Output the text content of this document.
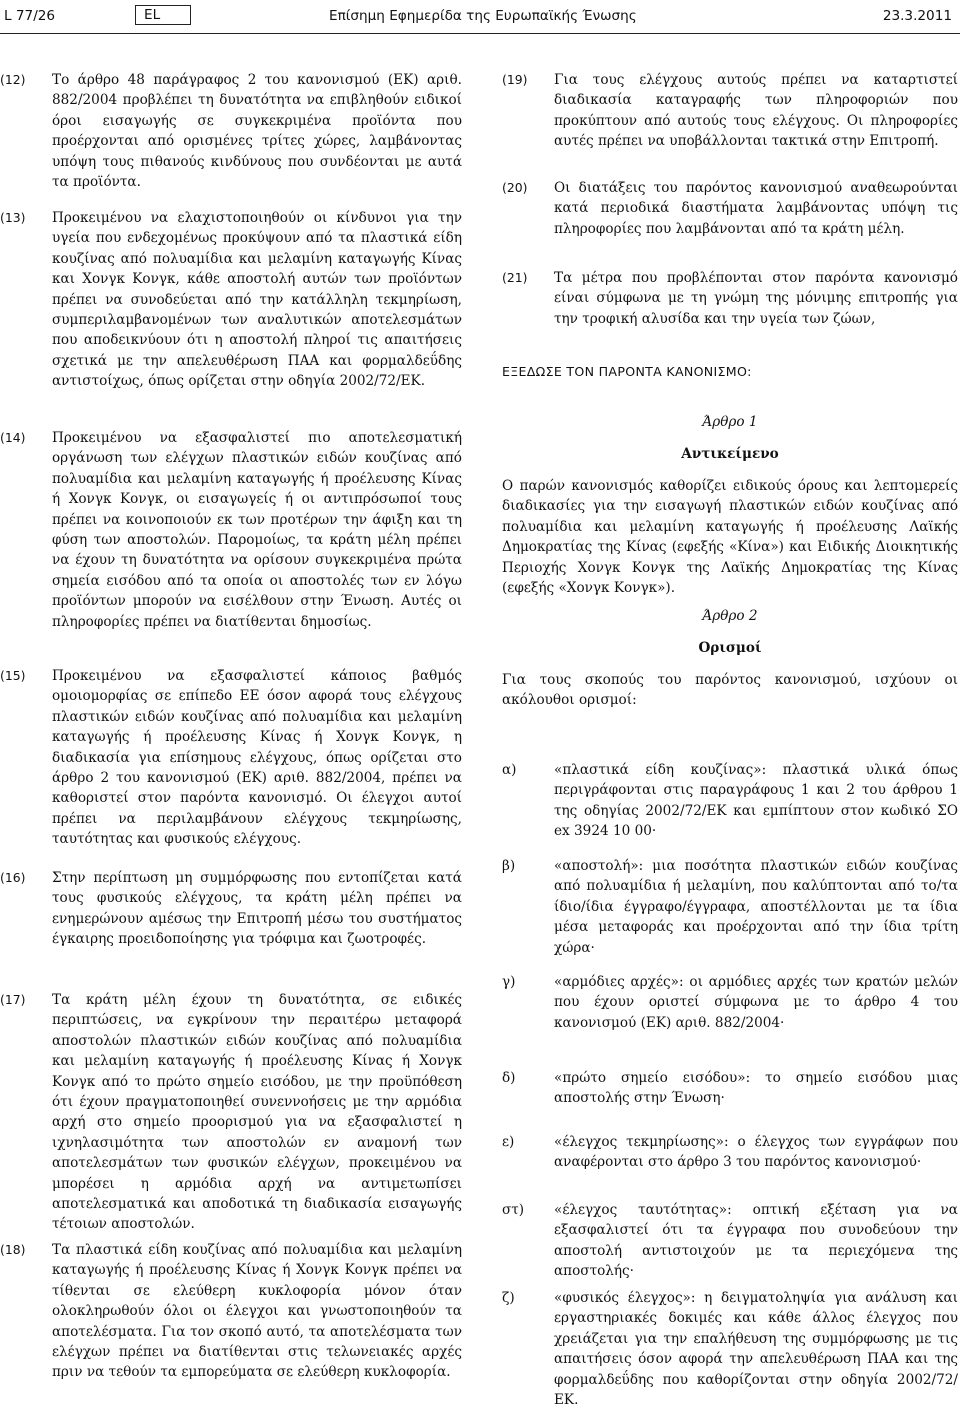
L 77/26	EL	Επίσημη Εφημερίδα της Ευρωπαϊκής Ένωσης	23.3.2011
(12) Το άρθρο 48 παράγραφος 2 του κανονισμού (ΕΚ) αριθ. 882/2004 προβλέπει τη δυνατότητα να επιβληθούν ειδικοί όροι εισαγωγής σε συγκεκριμένα προϊόντα που προέρχονται από ορισμένες τρίτες χώρες, λαμβάνοντας υπόψη τους πιθανούς κινδύνους που συνδέονται με αυτά τα προϊόντα.
(13) Προκειμένου να ελαχιστοποιηθούν οι κίνδυνοι για την υγεία που ενδεχομένως προκύψουν από τα πλαστικά είδη κουζίνας από πολυαμίδια και μελαμίνη καταγωγής Κίνας και Χονγκ Κονγκ, κάθε αποστολή αυτών των προϊόντων πρέπει να συνοδεύεται από την κατάλληλη τεκμηρίωση, συμπεριλαμβανομένων των αναλυτικών αποτελεσμάτων που αποδεικνύουν ότι η αποστολή πληροί τις απαιτήσεις σχετικά με την απελευθέρωση ΠΑΑ και φορμαλδεΰδης αντιστοίχως, όπως ορίζεται στην οδηγία 2002/72/ΕΚ.
(14) Προκειμένου να εξασφαλιστεί πιο αποτελεσματική οργάνωση των ελέγχων πλαστικών ειδών κουζίνας από πολυαμίδια και μελαμίνη καταγωγής ή προέλευσης Κίνας ή Χονγκ Κονγκ, οι εισαγωγείς ή οι αντιπρόσωποί τους πρέπει να κοινοποιούν εκ των προτέρων την άφιξη και τη φύση των αποστολών. Παρομοίως, τα κράτη μέλη πρέπει να έχουν τη δυνατότητα να ορίσουν συγκεκριμένα πρώτα σημεία εισόδου από τα οποία οι αποστολές των εν λόγω προϊόντων μπορούν να εισέλθουν στην Ένωση. Αυτές οι πληροφορίες πρέπει να διατίθενται δημοσίως.
(15) Προκειμένου να εξασφαλιστεί κάποιος βαθμός ομοιομορφίας σε επίπεδο ΕΕ όσον αφορά τους ελέγχους πλαστικών ειδών κουζίνας από πολυαμίδια και μελαμίνη καταγωγής ή προέλευσης Κίνας ή Χονγκ Κονγκ, η διαδικασία για επίσημους ελέγχους, όπως ορίζεται στο άρθρο 2 του κανονισμού (ΕΚ) αριθ. 882/2004, πρέπει να καθοριστεί στον παρόντα κανονισμό. Οι έλεγχοι αυτοί πρέπει να περιλαμβάνουν ελέγχους τεκμηρίωσης, ταυτότητας και φυσικούς ελέγχους.
(16) Στην περίπτωση μη συμμόρφωσης που εντοπίζεται κατά τους φυσικούς ελέγχους, τα κράτη μέλη πρέπει να ενημερώνουν αμέσως την Επιτροπή μέσω του συστήματος έγκαιρης προειδοποίησης για τρόφιμα και ζωοτροφές.
(17) Τα κράτη μέλη έχουν τη δυνατότητα, σε ειδικές περιπτώσεις, να εγκρίνουν την περαιτέρω μεταφορά αποστολών πλαστικών ειδών κουζίνας από πολυαμίδια και μελαμίνη καταγωγής ή προέλευσης Κίνας ή Χονγκ Κονγκ από το πρώτο σημείο εισόδου, με την προϋπόθεση ότι έχουν πραγματοποιηθεί συνεννοήσεις με την αρμόδια αρχή στο σημείο προορισμού για να εξασφαλιστεί η ιχνηλασιμότητα των αποστολών εν αναμονή των αποτελεσμάτων των φυσικών ελέγχων, προκειμένου να μπορέσει η αρμόδια αρχή να αντιμετωπίσει αποτελεσματικά και αποδοτικά τη διαδικασία εισαγωγής τέτοιων αποστολών.
(18) Τα πλαστικά είδη κουζίνας από πολυαμίδια και μελαμίνη καταγωγής ή προέλευσης Κίνας ή Χονγκ Κονγκ πρέπει να τίθενται σε ελεύθερη κυκλοφορία μόνον όταν ολοκληρωθούν όλοι οι έλεγχοι και γνωστοποιηθούν τα αποτελέσματα. Για τον σκοπό αυτό, τα αποτελέσματα των ελέγχων πρέπει να διατίθενται στις τελωνειακές αρχές πριν να τεθούν τα εμπορεύματα σε ελεύθερη κυκλοφορία.
(19) Για τους ελέγχους αυτούς πρέπει να καταρτιστεί διαδικασία καταγραφής των πληροφοριών που προκύπτουν από αυτούς τους ελέγχους. Οι πληροφορίες αυτές πρέπει να υποβάλλονται τακτικά στην Επιτροπή.
(20) Οι διατάξεις του παρόντος κανονισμού αναθεωρούνται κατά περιοδικά διαστήματα λαμβάνοντας υπόψη τις πληροφορίες που λαμβάνονται από τα κράτη μέλη.
(21) Τα μέτρα που προβλέπονται στον παρόντα κανονισμό είναι σύμφωνα με τη γνώμη της μόνιμης επιτροπής για την τροφική αλυσίδα και την υγεία των ζώων,
ΕΞΕΔΩΣΕ ΤΟΝ ΠΑΡΟΝΤΑ ΚΑΝΟΝΙΣΜΟ:
Άρθρο 1
Αντικείμενο
Ο παρών κανονισμός καθορίζει ειδικούς όρους και λεπτομερείς διαδικασίες για την εισαγωγή πλαστικών ειδών κουζίνας από πολυαμίδια και μελαμίνη καταγωγής ή προέλευσης Λαϊκής Δημοκρατίας της Κίνας (εφεξής «Κίνα») και Ειδικής Διοικητικής Περιοχής Χονγκ Κονγκ της Λαϊκής Δημοκρατίας της Κίνας (εφεξής «Χονγκ Κονγκ»).
Άρθρο 2
Ορισμοί
Για τους σκοπούς του παρόντος κανονισμού, ισχύουν οι ακόλουθοι ορισμοί:
α)	«πλαστικά είδη κουζίνας»: πλαστικά υλικά όπως περιγράφονται στις παραγράφους 1 και 2 του άρθρου 1 της οδηγίας 2002/72/ΕΚ και εμπίπτουν στον κωδικό ΣΟ ex 3924 10 00·
β)	«αποστολή»: μια ποσότητα πλαστικών ειδών κουζίνας από πολυαμίδια ή μελαμίνη, που καλύπτονται από το/τα ίδιο/ίδια έγγραφο/έγγραφα, αποστέλλονται με τα ίδια μέσα μεταφοράς και προέρχονται από την ίδια τρίτη χώρα·
γ)	«αρμόδιες αρχές»: οι αρμόδιες αρχές των κρατών μελών που έχουν οριστεί σύμφωνα με το άρθρο 4 του κανονισμού (ΕΚ) αριθ. 882/2004·
δ)	«πρώτο σημείο εισόδου»: το σημείο εισόδου μιας αποστολής στην Ένωση·
ε)	«έλεγχος τεκμηρίωσης»: ο έλεγχος των εγγράφων που αναφέρονται στο άρθρο 3 του παρόντος κανονισμού·
στ) «έλεγχος ταυτότητας»: οπτική εξέταση για να εξασφαλιστεί ότι τα έγγραφα που συνοδεύουν την αποστολή αντιστοιχούν με τα περιεχόμενα της αποστολής·
ζ)	«φυσικός έλεγχος»: η δειγματοληψία για ανάλυση και εργαστηριακές δοκιμές και κάθε άλλος έλεγχος που χρειάζεται για την επαλήθευση της συμμόρφωσης με τις απαιτήσεις όσον αφορά την απελευθέρωση ΠΑΑ και της φορμαλδεΰδης που καθορίζονται στην οδηγία 2002/72/ΕΚ.
